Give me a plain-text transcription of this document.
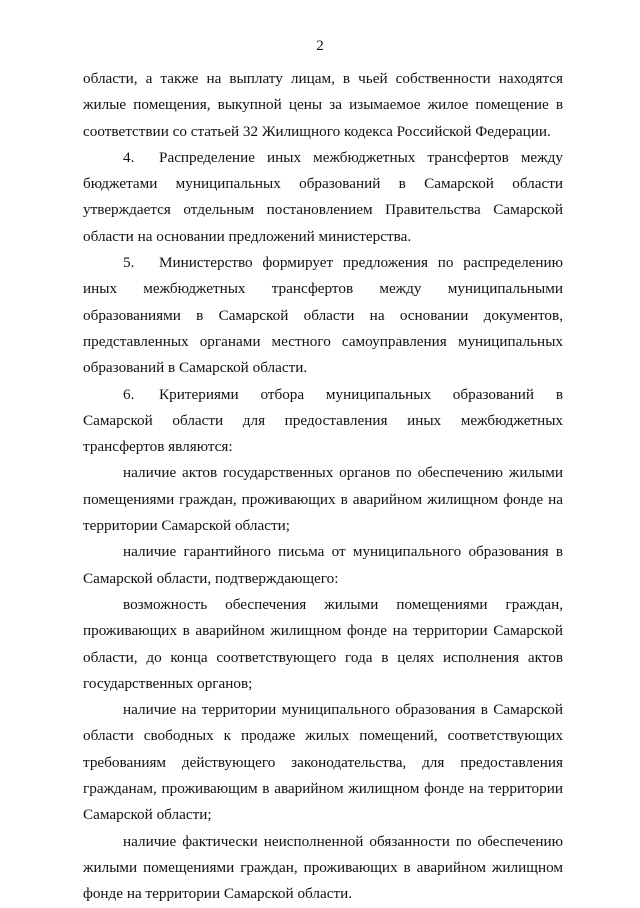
2

области, а также на выплату лицам, в чьей собственности находятся жилые помещения, выкупной цены за изымаемое жилое помещение в соответствии со статьей 32 Жилищного кодекса Российской Федерации.

4. Распределение иных межбюджетных трансфертов между бюджетами муниципальных образований в Самарской области утверждается отдельным постановлением Правительства Самарской области на основании предложений министерства.

5. Министерство формирует предложения по распределению иных межбюджетных трансфертов между муниципальными образованиями в Самарской области на основании документов, представленных органами местного самоуправления муниципальных образований в Самарской области.

6. Критериями отбора муниципальных образований в Самарской области для предоставления иных межбюджетных трансфертов являются:

наличие актов государственных органов по обеспечению жилыми помещениями граждан, проживающих в аварийном жилищном фонде на территории Самарской области;

наличие гарантийного письма от муниципального образования в Самарской области, подтверждающего:

возможность обеспечения жилыми помещениями граждан, проживающих в аварийном жилищном фонде на территории Самарской области, до конца соответствующего года в целях исполнения актов государственных органов;

наличие на территории муниципального образования в Самарской области свободных к продаже жилых помещений, соответствующих требованиям действующего законодательства, для предоставления гражданам, проживающим в аварийном жилищном фонде на территории Самарской области;

наличие фактически неисполненной обязанности по обеспечению жилыми помещениями граждан, проживающих в аварийном жилищном фонде на территории Самарской области.
